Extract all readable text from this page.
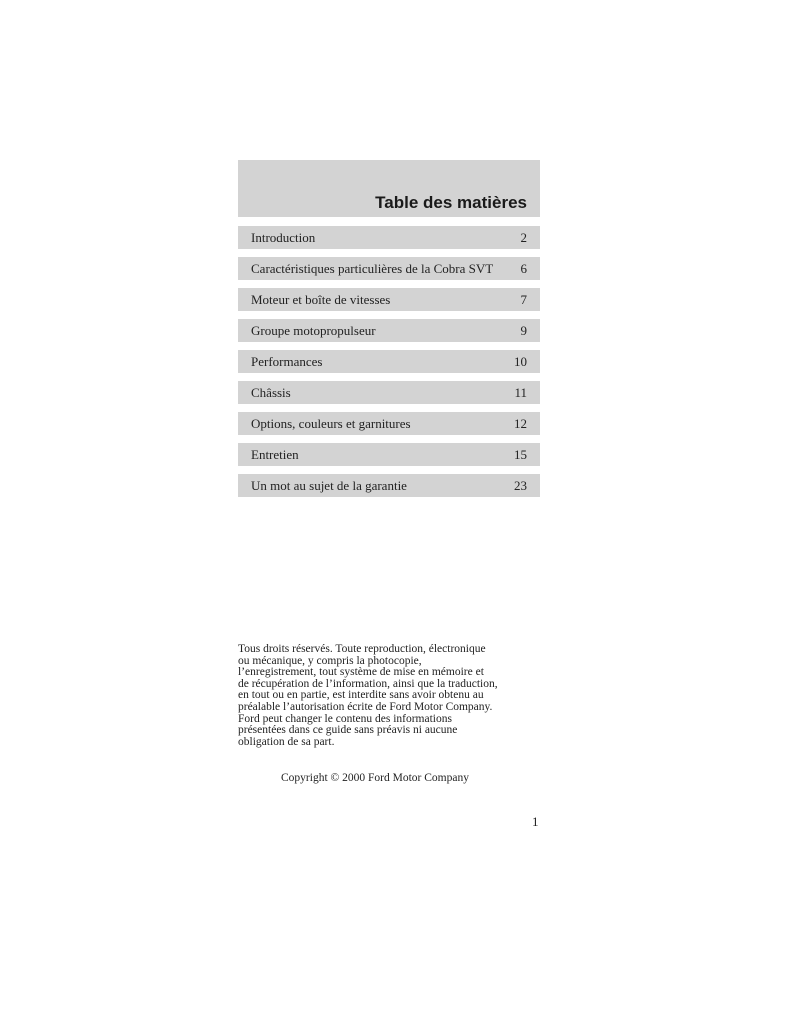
Table des matières
Introduction	2
Caractéristiques particulières de la Cobra SVT 6
Moteur et boîte de vitesses	7
Groupe motopropulseur	9
Performances	10
Châssis	11
Options, couleurs et garnitures	12
Entretien	15
Un mot au sujet de la garantie	23
Tous droits réservés. Toute reproduction, électronique
ou mécanique, y compris la photocopie,
l’enregistrement, tout système de mise en mémoire et
de récupération de l’information, ainsi que la traduction,
en tout ou en partie, est interdite sans avoir obtenu au
préalable l’autorisation écrite de Ford Motor Company.
Ford peut changer le contenu des informations
présentées dans ce guide sans préavis ni aucune
obligation de sa part.
Copyright © 2000 Ford Motor Company
1
